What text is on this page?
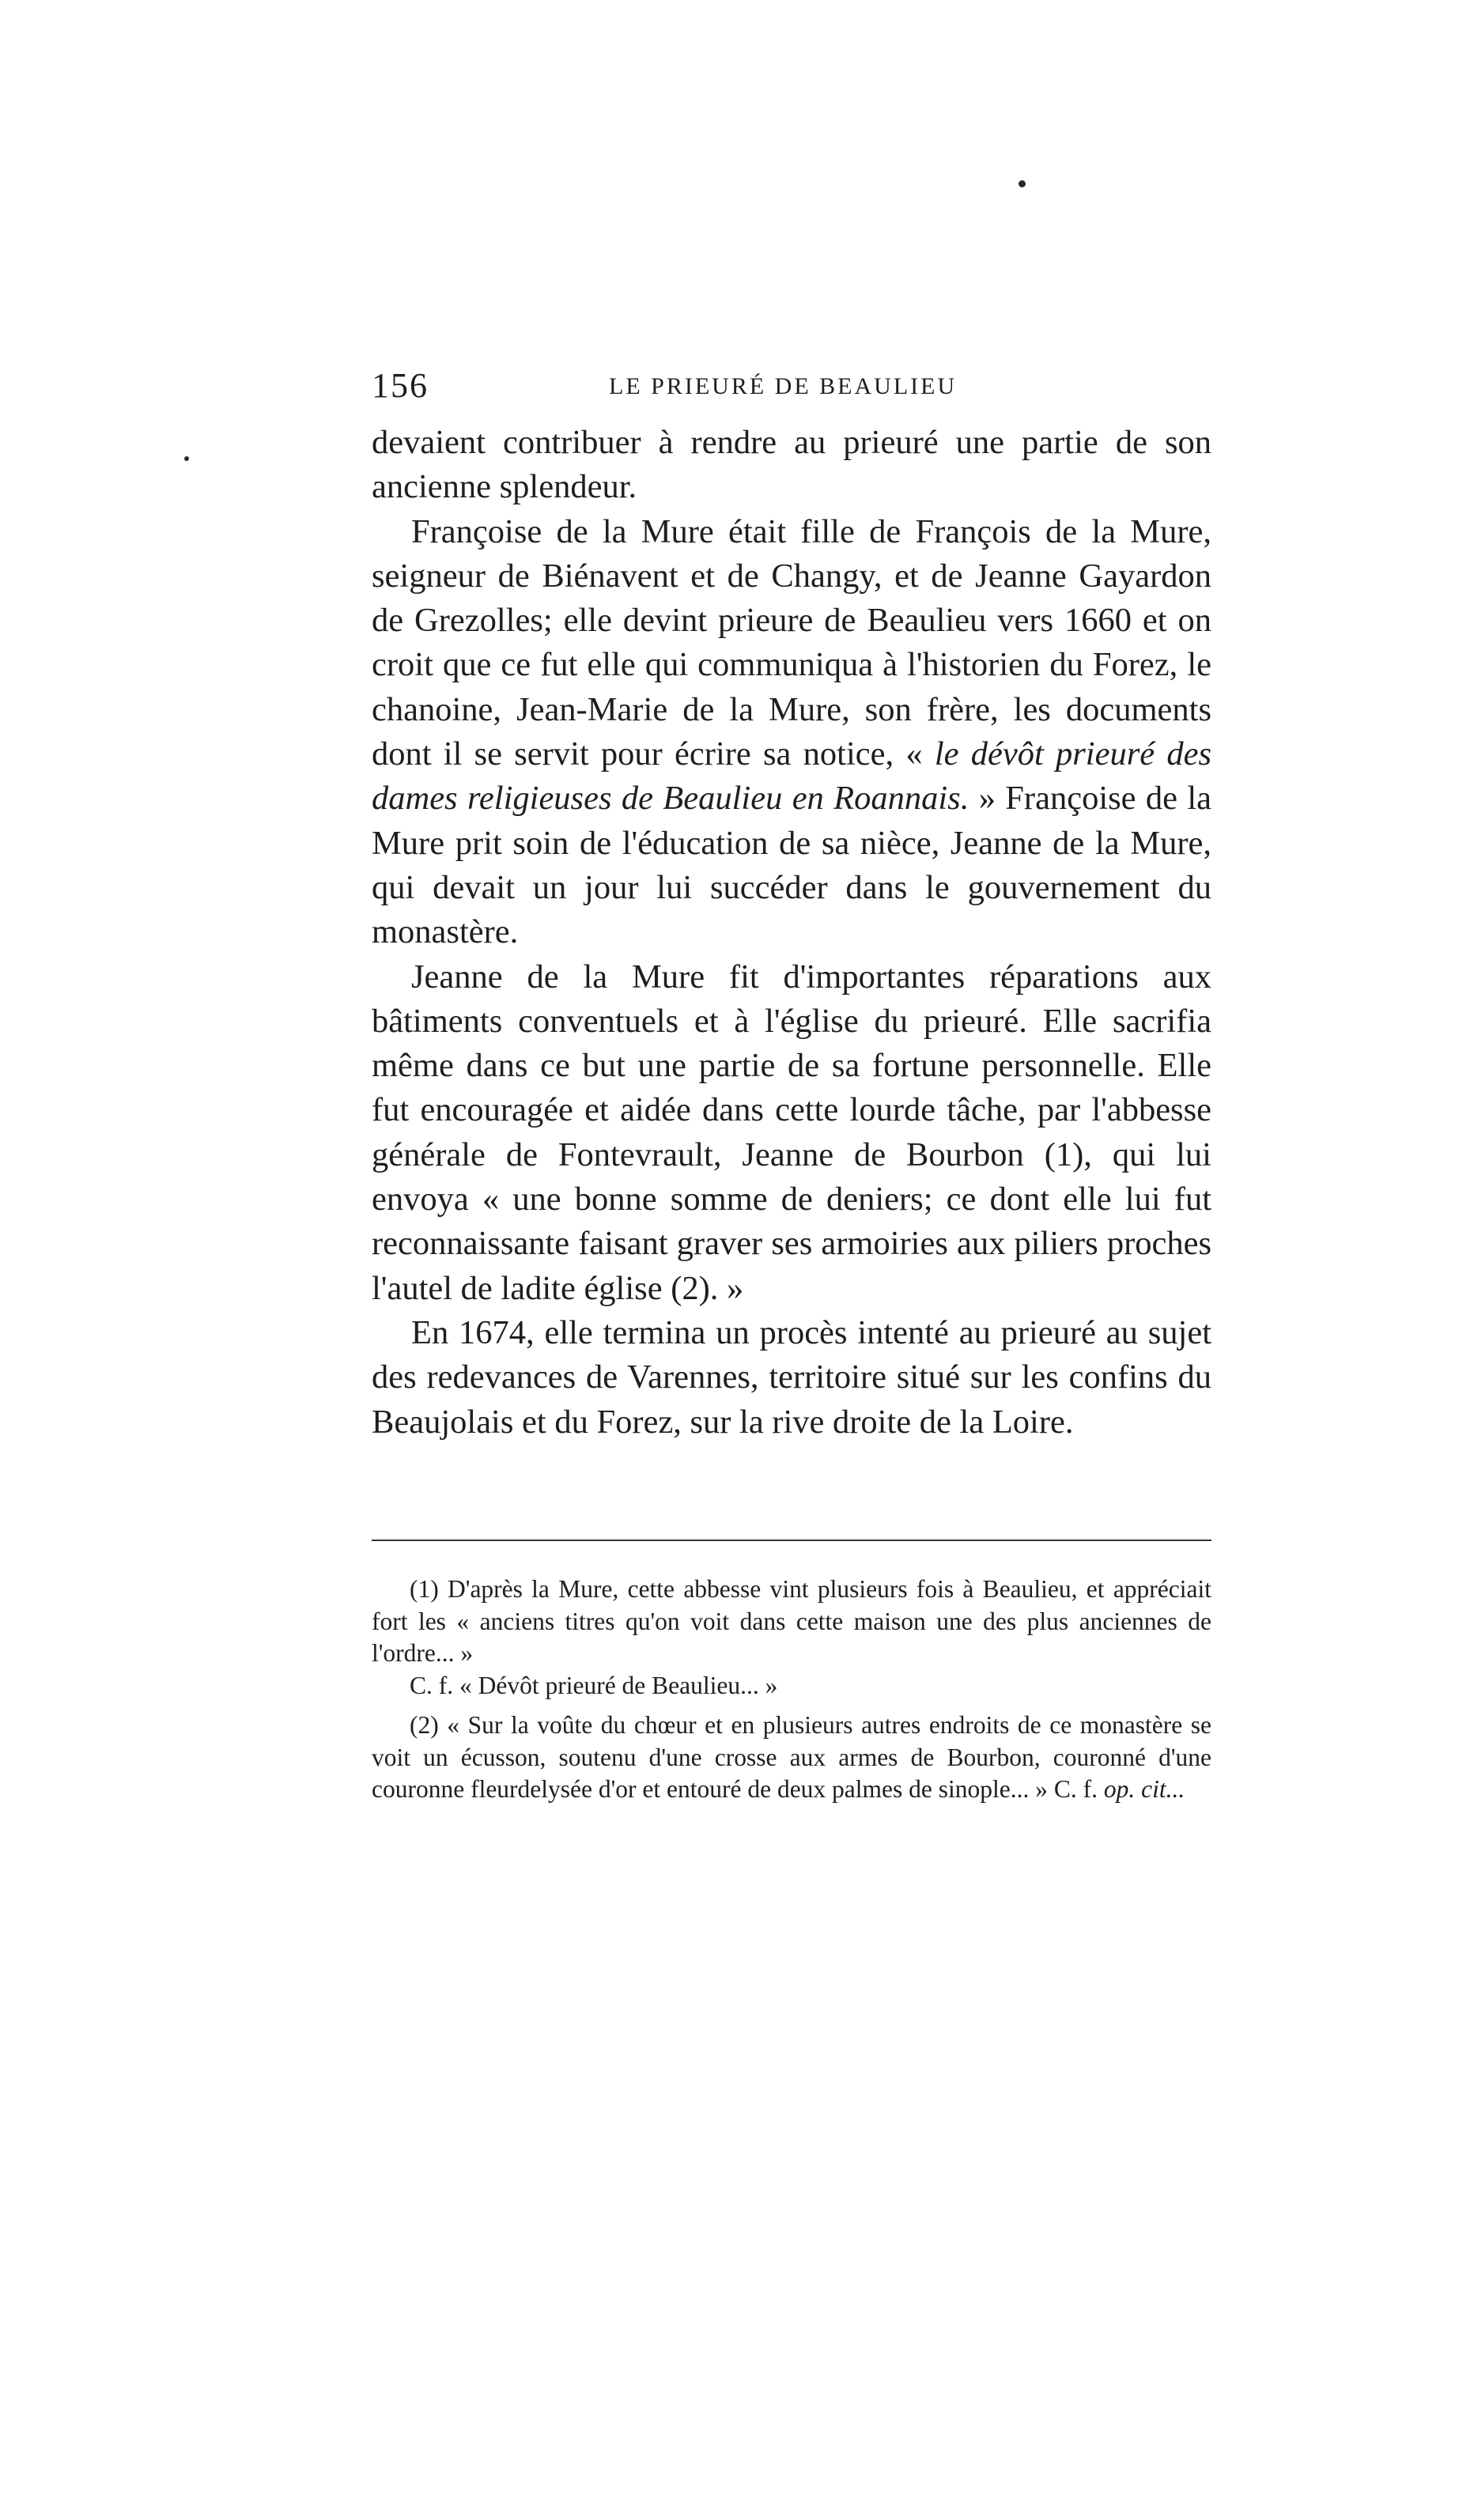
156	LE PRIEURÉ DE BEAULIEU

devaient contribuer à rendre au prieuré une partie de son ancienne splendeur.

Françoise de la Mure était fille de François de la Mure, seigneur de Biénavent et de Changy, et de Jeanne Gayardon de Grezolles; elle devint prieure de Beaulieu vers 1660 et on croit que ce fut elle qui communiqua à l'historien du Forez, le chanoine, Jean-Marie de la Mure, son frère, les documents dont il se servit pour écrire sa notice, « le dévôt prieuré des dames religieuses de Beaulieu en Roannais. » Françoise de la Mure prit soin de l'éducation de sa nièce, Jeanne de la Mure, qui devait un jour lui succéder dans le gouvernement du monastère.

Jeanne de la Mure fit d'importantes réparations aux bâtiments conventuels et à l'église du prieuré. Elle sacrifia même dans ce but une partie de sa fortune personnelle. Elle fut encouragée et aidée dans cette lourde tâche, par l'abbesse générale de Fontevrault, Jeanne de Bourbon (1), qui lui envoya « une bonne somme de deniers; ce dont elle lui fut reconnaissante faisant graver ses armoiries aux piliers proches l'autel de ladite église (2). »

En 1674, elle termina un procès intenté au prieuré au sujet des redevances de Varennes, territoire situé sur les confins du Beaujolais et du Forez, sur la rive droite de la Loire.

(1) D'après la Mure, cette abbesse vint plusieurs fois à Beaulieu, et appréciait fort les « anciens titres qu'on voit dans cette maison une des plus anciennes de l'ordre... »

C. f. « Dévôt prieuré de Beaulieu... »

(2) « Sur la voûte du chœur et en plusieurs autres endroits de ce monastère se voit un écusson, soutenu d'une crosse aux armes de Bourbon, couronné d'une couronne fleurdelysée d'or et entouré de deux palmes de sinople... » C. f. op. cit...
